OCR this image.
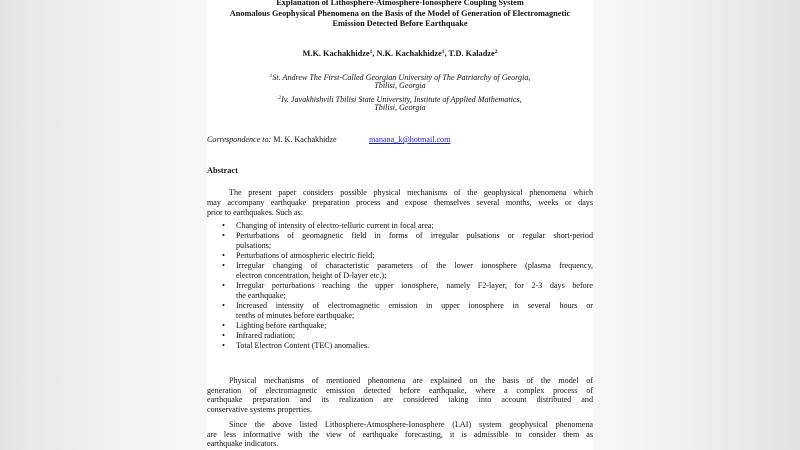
Explanation of Lithosphere-Atmosphere-Ionosphere Coupling System
Anomalous Geophysical Phenomena on the Basis of the Model of Generation of Electromagnetic
Emission Detected Before Earthquake
M.K. Kachakhidze$^1$, N.K. Kachakhidze$^1$, T.D. Kaladze$^2$
$^1$St. Andrew The First-Called Georgian University of The Patriarchy of Georgia,
Tbilisi, Georgia
$^2$Iv. Javakhishvili Tbilisi State University, Institute of Applied Mathematics,
Tbilisi, Georgia
Correspondence to: M. K. Kachakhidze	manana_k@hotmail.com
Abstract
The present paper considers possible physical mechanisms of the geophysical phenomena which
may accompany earthquake preparation process and expose themselves several months, weeks or days
prior to earthquakes. Such as:
• Changing of intensity of electro-telluric current in focal area;
• Perturbations of geomagnetic field in forms of irregular pulsations or regular short-period
pulsations;
• Perturbations of atmospheric electric field;
• Irregular changing of characteristic parameters of the lower ionosphere (plasma frequency,
electron concentration, height of D-layer etc.);
• Irregular perturbations reaching the upper ionosphere, namely F2-layer, for 2-3 days before
the earthquake;
• Increased intensity of electromagnetic emission in upper ionosphere in several hours or
tenths of minutes before earthquake;
• Lighting before earthquake;
• Infrared radiation;
• Total Electron Content (TEC) anomalies.
Physical mechanisms of mentioned phenomena are explained on the basis of the model of
generation of electromagnetic emission detected before earthquake, where a complex process of
earthquake preparation and its realization are considered taking into account distributed and
conservative systems properties.
Since the above listed Lithosphere-Atmosphere-Ionosphere (LAI) system geophysical phenomena
are less informative with the view of earthquake forecasting, it is admissible to consider them as
earthquake indicators.
